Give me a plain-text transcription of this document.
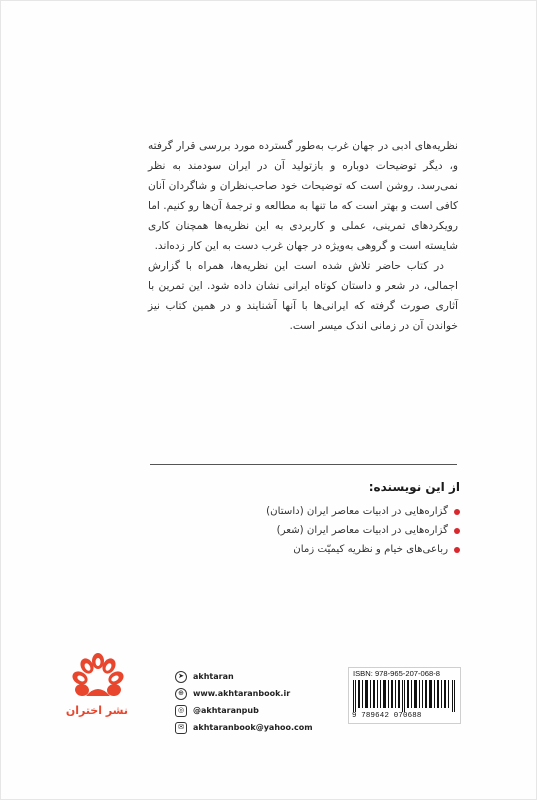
نظریه‌های ادبی در جهان غرب به‌طور گسترده مورد بررسی قرار گرفته و، دیگر توضیحات دوباره و بازتولید آن در ایران سودمند به نظر نمی‌رسد. روشن است که توضیحات خود صاحب‌نظران و شاگردان آنان کافی است و بهتر است که ما تنها به مطالعه و ترجمهٔ آن‌ها رو کنیم. اما رویکردهای تمرینی، عملی و کاربردی به این نظریه‌ها همچنان کاری شایسته است و گروهی به‌ویژه در جهان غرب دست به این کار زده‌اند.

در کتاب حاضر تلاش شده است این نظریه‌ها، همراه با گزارش اجمالی، در شعر و داستان کوتاه ایرانی نشان داده شود. این تمرین با آثاری صورت گرفته که ایرانی‌ها با آنها آشنایند و در همین کتاب نیز خواندن آن در زمانی اندک میسر است.

از این نویسنده:
گزاره‌هایی در ادبیات معاصر ایران (داستان)
گزاره‌هایی در ادبیات معاصر ایران (شعر)
رباعی‌های خیام و نظریه کیمیّت زمان
نشر اختران
➤	akhtaran
⊕	www.akhtaranbook.ir
◎	@akhtaranpub
✉	akhtaranbook@yahoo.com
ISBN: 978-965-207-068-8
9 789642 070688
